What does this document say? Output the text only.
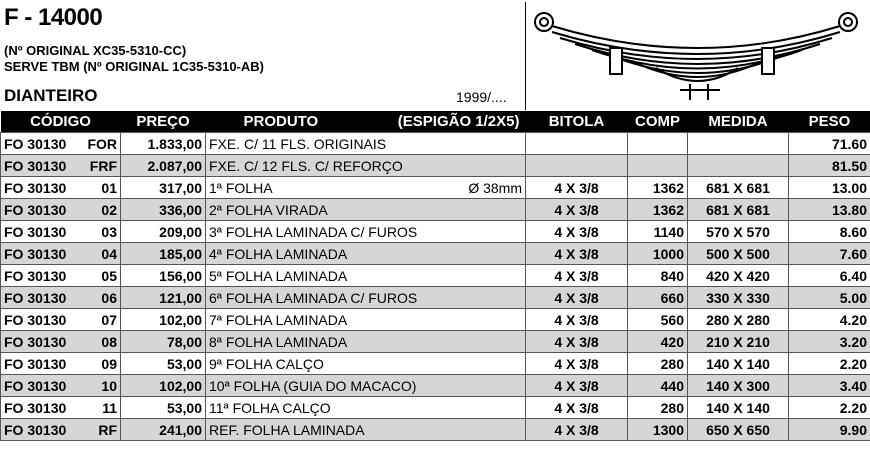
F - 14000
(Nº ORIGINAL XC35-5310-CC)
SERVE TBM (Nº ORIGINAL 1C35-5310-AB)
DIANTEIRO	1999/....
CÓDIGO	PREÇO	PRODUTO (ESPIGÃO 1/2X5)	BITOLA	COMP	MEDIDA	PESO

FO 30130 FOR	1.833,00	FXE. C/ 11 FLS. ORIGINAIS				71.60

FO 30130 FRF	2.087,00	FXE. C/ 12 FLS. C/ REFORÇO				81.50

FO 30130 01	317,00	1ª FOLHA Ø 38mm	4 X 3/8	1362	681 X 681	13.00

FO 30130 02	336,00	2ª FOLHA VIRADA	4 X 3/8	1362	681 X 681	13.80

FO 30130 03	209,00	3ª FOLHA LAMINADA C/ FUROS	4 X 3/8	1140	570 X 570	8.60

FO 30130 04	185,00	4ª FOLHA LAMINADA	4 X 3/8	1000	500 X 500	7.60

FO 30130 05	156,00	5ª FOLHA LAMINADA	4 X 3/8	840	420 X 420	6.40

FO 30130 06	121,00	6ª FOLHA LAMINADA C/ FUROS	4 X 3/8	660	330 X 330	5.00

FO 30130 07	102,00	7ª FOLHA LAMINADA	4 X 3/8	560	280 X 280	4.20

FO 30130 08	78,00	8ª FOLHA LAMINADA	4 X 3/8	420	210 X 210	3.20

FO 30130 09	53,00	9ª FOLHA CALÇO	4 X 3/8	280	140 X 140	2.20

FO 30130 10	102,00	10ª FOLHA (GUIA DO MACACO)	4 X 3/8	440	140 X 300	3.40

FO 30130 11	53,00	11ª FOLHA CALÇO	4 X 3/8	280	140 X 140	2.20

FO 30130 RF	241,00	REF. FOLHA LAMINADA	4 X 3/8	1300	650 X 650	9.90
